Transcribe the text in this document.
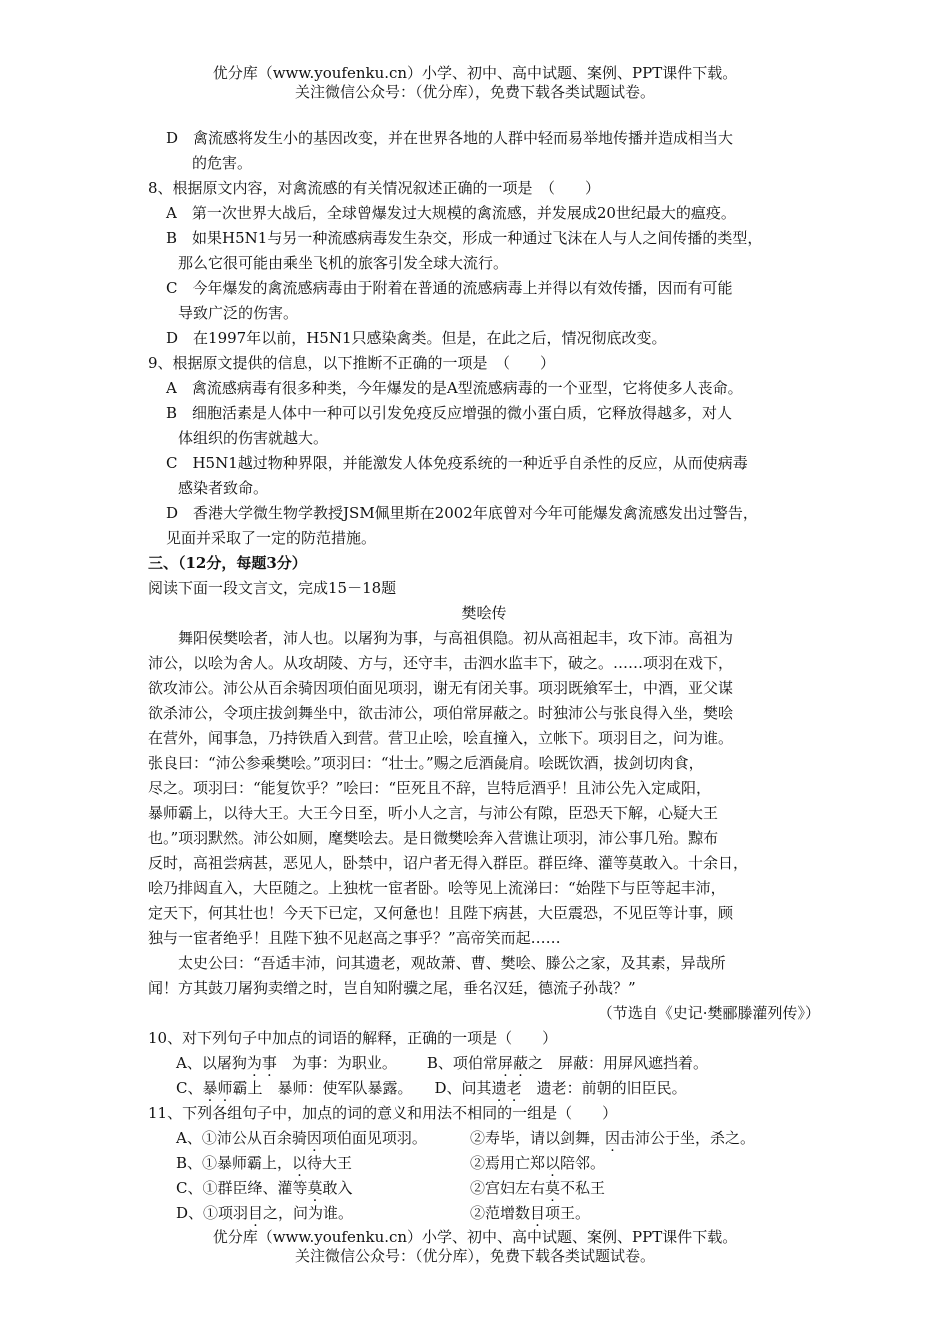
优分库（www.youfenku.cn）小学、初中、高中试题、案例、PPT课件下载。
关注微信公众号：（优分库），免费下载各类试题试卷。
D　禽流感将发生小的基因改变，并在世界各地的人群中轻而易举地传播并造成相当大
的危害。
8、根据原文内容，对禽流感的有关情况叙述正确的一项是　（　　）
A　第一次世界大战后，全球曾爆发过大规模的禽流感，并发展成20世纪最大的瘟疫。
B　如果H5N1与另一种流感病毒发生杂交，形成一种通过飞沫在人与人之间传播的类型，
那么它很可能由乘坐飞机的旅客引发全球大流行。
C　今年爆发的禽流感病毒由于附着在普通的流感病毒上并得以有效传播，因而有可能
导致广泛的伤害。
D　在1997年以前，H5N1只感染禽类。但是，在此之后，情况彻底改变。
9、根据原文提供的信息，以下推断不正确的一项是　（　　）
A　禽流感病毒有很多种类，今年爆发的是A型流感病毒的一个亚型，它将使多人丧命。
B　细胞活素是人体中一种可以引发免疫反应增强的微小蛋白质，它释放得越多，对人
体组织的伤害就越大。
C　H5N1越过物种界限，并能激发人体免疫系统的一种近乎自杀性的反应，从而使病毒
感染者致命。
D　香港大学微生物学教授JSM佩里斯在2002年底曾对今年可能爆发禽流感发出过警告，
见面并采取了一定的防范措施。
三、（12分，每题3分）
阅读下面一段文言文，完成15－18题
樊哙传
　　舞阳侯樊哙者，沛人也。以屠狗为事，与高祖俱隐。初从高祖起丰，攻下沛。高祖为
沛公，以哙为舍人。从攻胡陵、方与，还守丰，击泗水监丰下，破之。……项羽在戏下，
欲攻沛公。沛公从百余骑因项伯面见项羽，谢无有闭关事。项羽既飨军士，中酒，亚父谋
欲杀沛公，令项庄拔剑舞坐中，欲击沛公，项伯常屏蔽之。时独沛公与张良得入坐，樊哙
在营外，闻事急，乃持铁盾入到营。营卫止哙，哙直撞入，立帐下。项羽目之，问为谁。
张良曰：“沛公参乘樊哙。”项羽曰：“壮士。”赐之卮酒彘肩。哙既饮酒，拔剑切肉食，
尽之。项羽曰：“能复饮乎？”哙曰：“臣死且不辞，岂特卮酒乎！且沛公先入定咸阳，
暴师霸上，以待大王。大王今日至，听小人之言，与沛公有隙，臣恐天下解，心疑大王
也。”项羽默然。沛公如厕，麾樊哙去。是日微樊哙奔入营谯让项羽，沛公事几殆。黥布
反时，高祖尝病甚，恶见人，卧禁中，诏户者无得入群臣。群臣绛、灌等莫敢入。十余日，
哙乃排闼直入，大臣随之。上独枕一宦者卧。哙等见上流涕曰：“始陛下与臣等起丰沛，
定天下，何其壮也！今天下已定，又何惫也！且陛下病甚，大臣震恐，不见臣等计事，顾
独与一宦者绝乎！且陛下独不见赵高之事乎？”高帝笑而起……
　　太史公曰：“吾适丰沛，问其遗老，观故萧、曹、樊哙、滕公之家，及其素，异哉所
闻！方其鼓刀屠狗卖缯之时，岂自知附骥之尾，垂名汉廷，德流子孙哉？”
（节选自《史记·樊郦滕灌列传》）
10、对下列句子中加点的词语的解释，正确的一项是（　　）
A、以屠狗为事　为事：为职业。 B、项伯常屏蔽之　屏蔽：用屏风遮挡着。
C、暴师霸上　暴师：使军队暴露。 D、问其遗老　遗老：前朝的旧臣民。
11、下列各组句子中，加点的词的意义和用法不相同的一组是（　　）
A、①沛公从百余骑因项伯面见项羽。	②寿毕，请以剑舞，因击沛公于坐，杀之。
B、①暴师霸上，以待大王	②焉用亡郑以陪邻。
C、①群臣绛、灌等莫敢入	②宫妇左右莫不私王
D、①项羽目之，问为谁。	②范增数目项王。
优分库（www.youfenku.cn）小学、初中、高中试题、案例、PPT课件下载。
关注微信公众号：（优分库），免费下载各类试题试卷。
